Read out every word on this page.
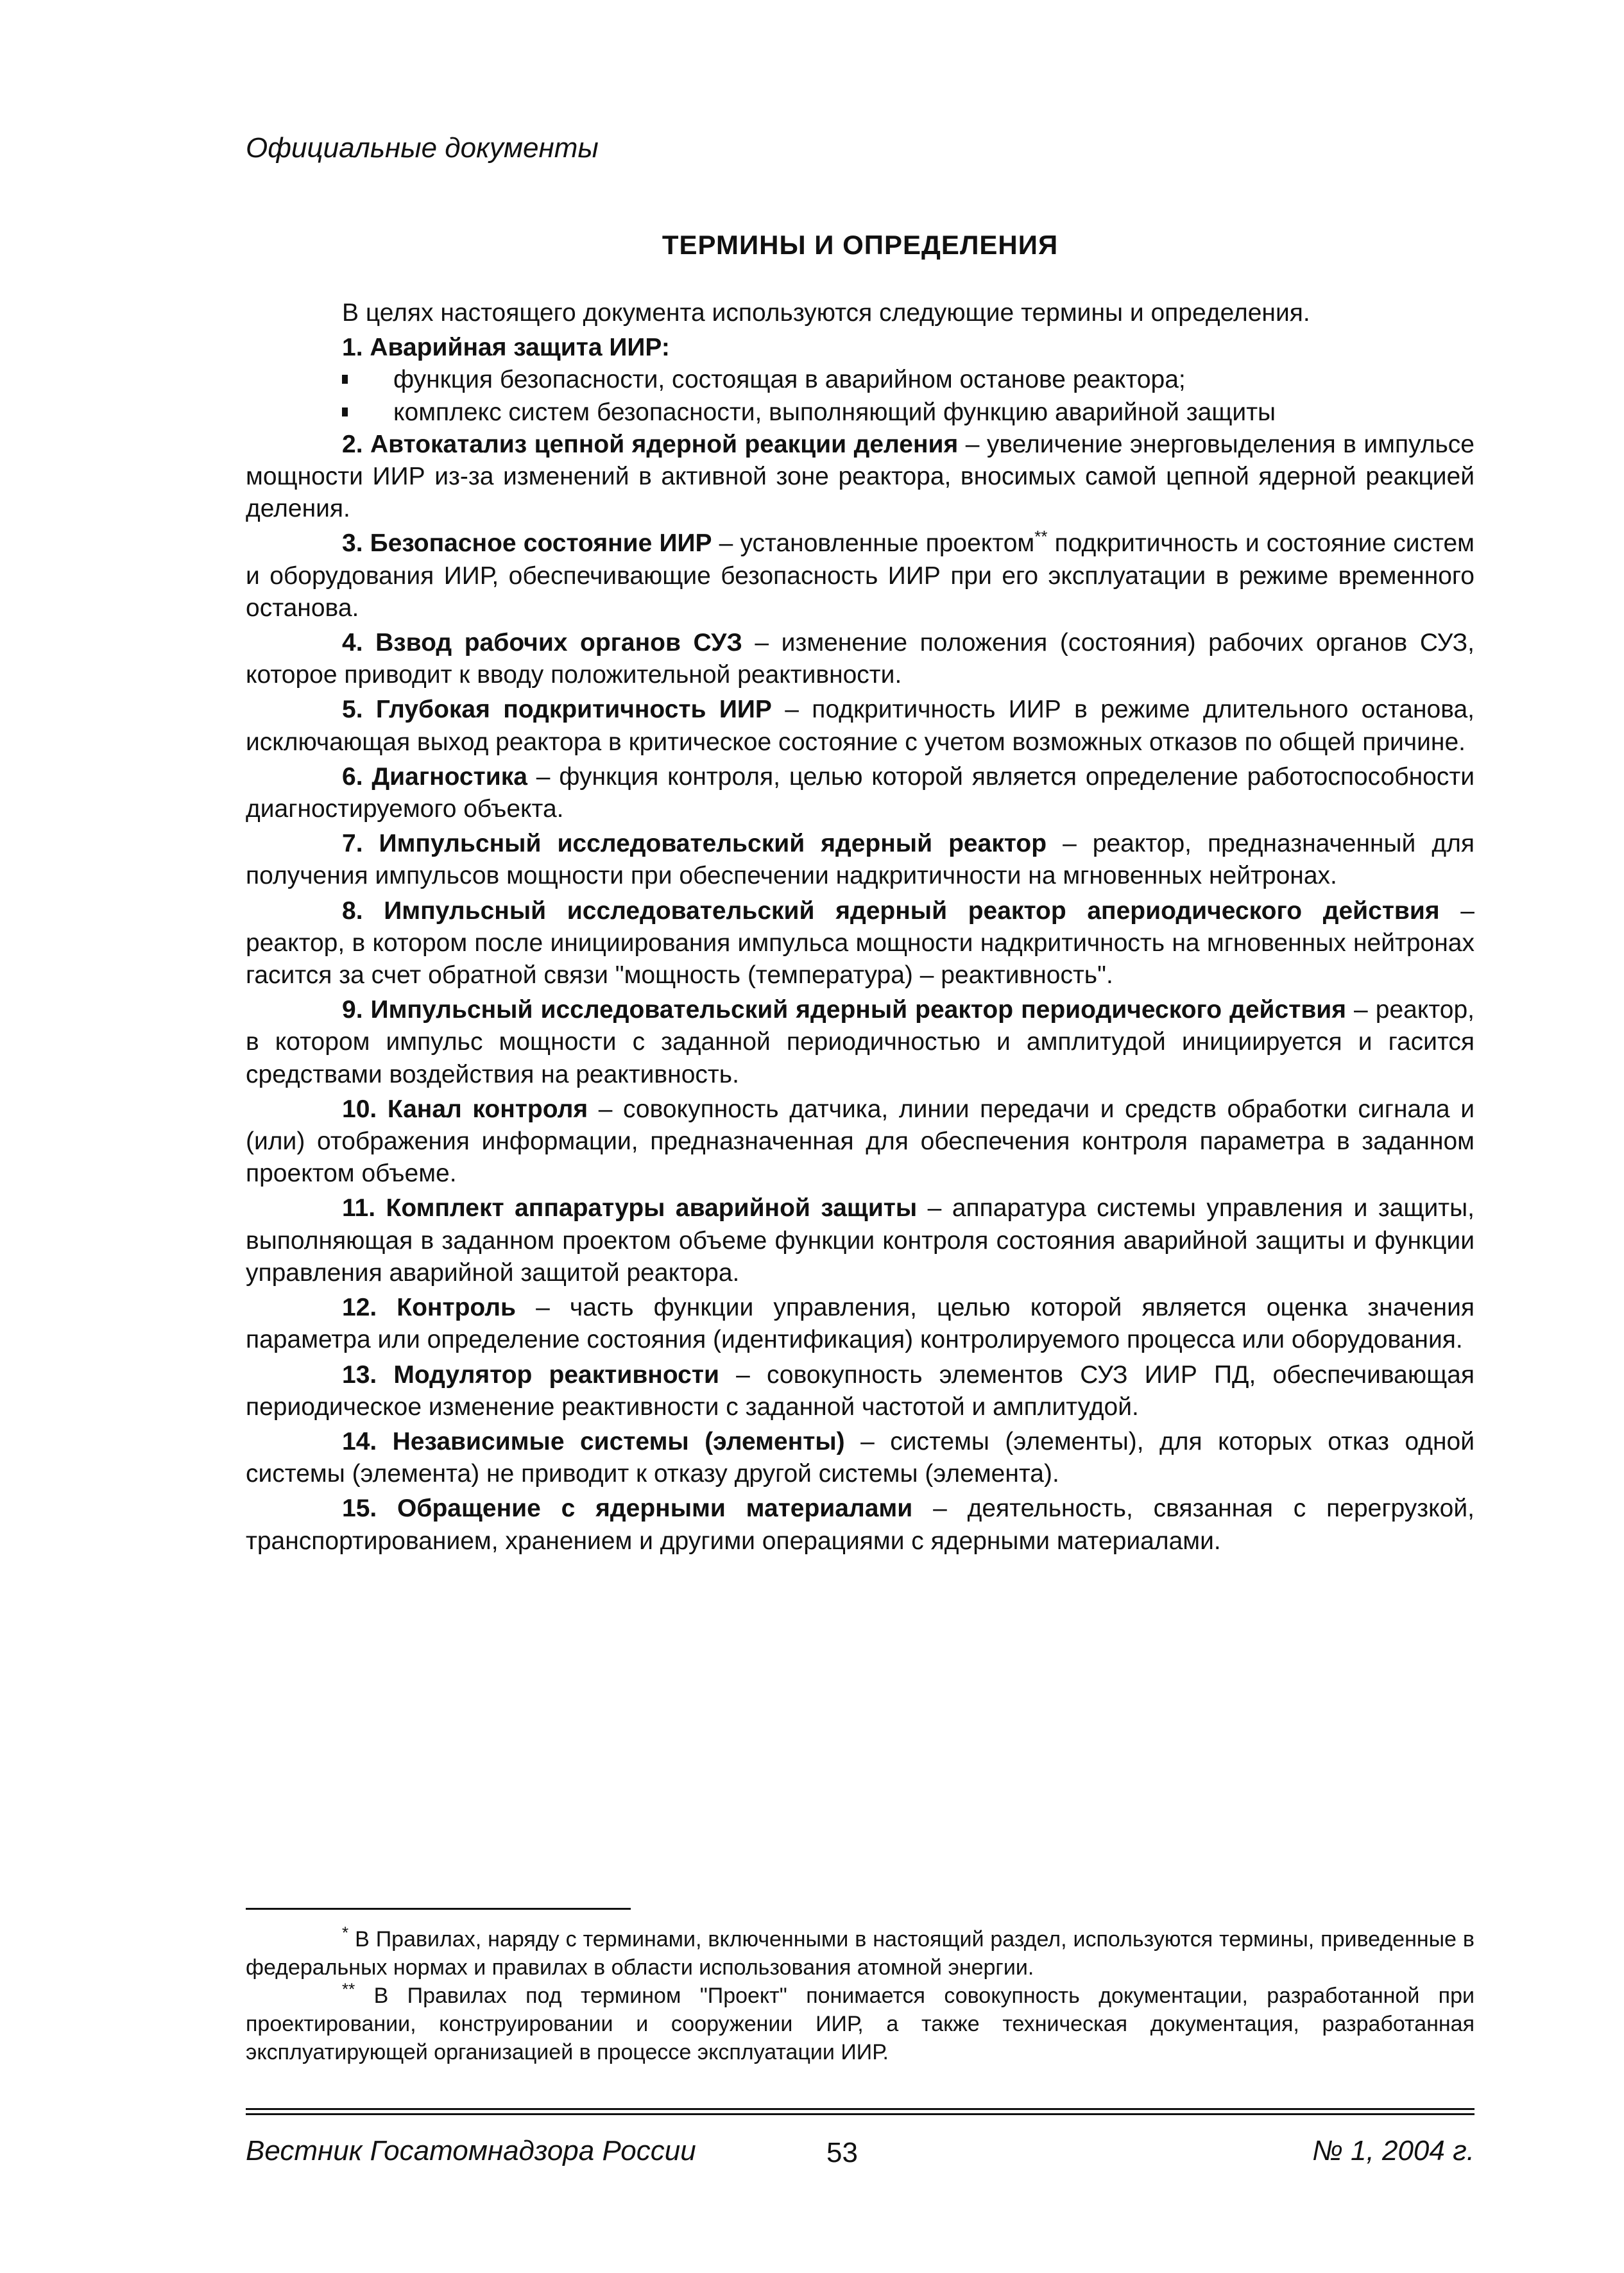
Официальные документы
ТЕРМИНЫ И ОПРЕДЕЛЕНИЯ

В целях настоящего документа используются следующие термины и определения.

1. Аварийная защита ИИР:

функция безопасности, состоящая в аварийном останове реактора;
комплекс систем безопасности, выполняющий функцию аварийной защиты

2. Автокатализ цепной ядерной реакции деления – увеличение энерговыделения в импульсе мощности ИИР из-за изменений в активной зоне реактора, вносимых самой цепной ядерной реакцией деления.

3. Безопасное состояние ИИР – установленные проектом** подкритичность и состояние систем и оборудования ИИР, обеспечивающие безопасность ИИР при его эксплуатации в режиме временного останова.

4. Взвод рабочих органов СУЗ – изменение положения (состояния) рабочих органов СУЗ, которое приводит к вводу положительной реактивности.

5. Глубокая подкритичность ИИР – подкритичность ИИР в режиме длительного останова, исключающая выход реактора в критическое состояние с учетом возможных отказов по общей причине.

6. Диагностика – функция контроля, целью которой является определение работоспособности диагностируемого объекта.

7. Импульсный исследовательский ядерный реактор – реактор, предназначенный для получения импульсов мощности при обеспечении надкритичности на мгновенных нейтронах.

8. Импульсный исследовательский ядерный реактор апериодического действия – реактор, в котором после инициирования импульса мощности надкритичность на мгновенных нейтронах гасится за счет обратной связи "мощность (температура) – реактивность".

9. Импульсный исследовательский ядерный реактор периодического действия – реактор, в котором импульс мощности с заданной периодичностью и амплитудой инициируется и гасится средствами воздействия на реактивность.

10. Канал контроля – совокупность датчика, линии передачи и средств обработки сигнала и (или) отображения информации, предназначенная для обеспечения контроля параметра в заданном проектом объеме.

11. Комплект аппаратуры аварийной защиты – аппаратура системы управления и защиты, выполняющая в заданном проектом объеме функции контроля состояния аварийной защиты и функции управления аварийной защитой реактора.

12. Контроль – часть функции управления, целью которой является оценка значения параметра или определение состояния (идентификация) контролируемого процесса или оборудования.

13. Модулятор реактивности – совокупность элементов СУЗ ИИР ПД, обеспечивающая периодическое изменение реактивности с заданной частотой и амплитудой.

14. Независимые системы (элементы) – системы (элементы), для которых отказ одной системы (элемента) не приводит к отказу другой системы (элемента).

15. Обращение с ядерными материалами – деятельность, связанная с перегрузкой, транспортированием, хранением и другими операциями с ядерными материалами.

* В Правилах, наряду с терминами, включенными в настоящий раздел, используются термины, приведенные в федеральных нормах и правилах в области использования атомной энергии.

** В Правилах под термином "Проект" понимается совокупность документации, разработанной при проектировании, конструировании и сооружении ИИР, а также техническая документация, разработанная эксплуатирующей организацией в процессе эксплуатации ИИР.

Вестник Госатомнадзора России	53	№ 1, 2004 г.
